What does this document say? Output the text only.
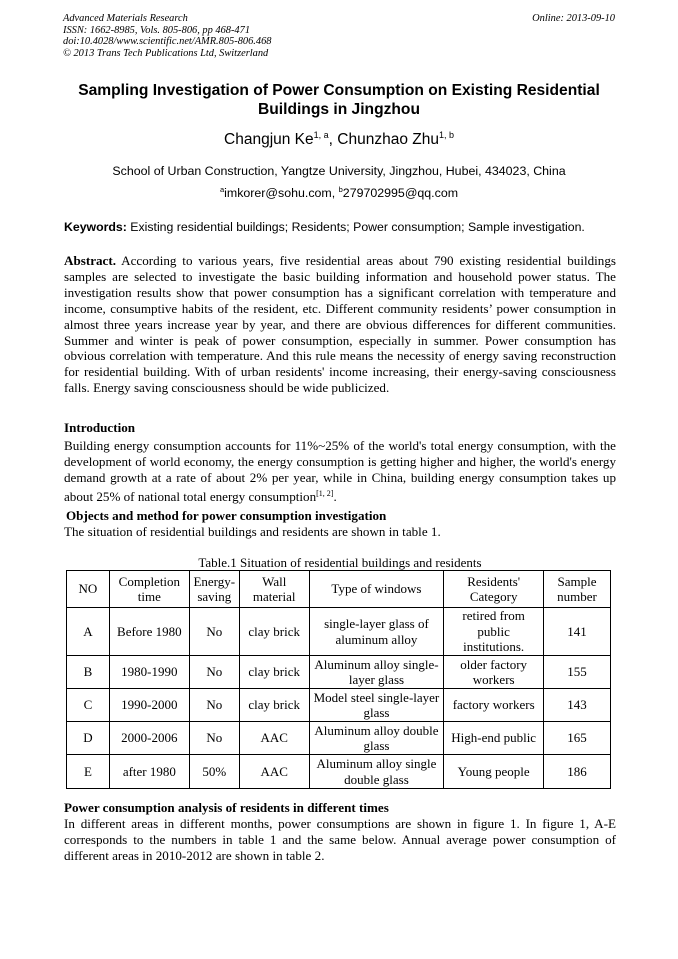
Advanced Materials Research
ISSN: 1662-8985, Vols. 805-806, pp 468-471
doi:10.4028/www.scientific.net/AMR.805-806.468
© 2013 Trans Tech Publications Ltd, Switzerland
Online: 2013-09-10
Sampling Investigation of Power Consumption on Existing Residential Buildings in Jingzhou
Changjun Ke$^{1, a}$, Chunzhao Zhu$^{1, b}$
School of Urban Construction, Yangtze University, Jingzhou, Hubei, 434023, China
$^a$imkorer@sohu.com, $^b$279702995@qq.com
Keywords: Existing residential buildings; Residents; Power consumption; Sample investigation.

Abstract. According to various years, five residential areas about 790 existing residential buildings samples are selected to investigate the basic building information and household power status. The investigation results show that power consumption has a significant correlation with temperature and income, consumptive habits of the resident, etc. Different community residents’ power consumption in almost three years increase year by year, and there are obvious differences for different communities. Summer and winter is peak of power consumption, especially in summer. Power consumption has obvious correlation with temperature. And this rule means the necessity of energy saving reconstruction for residential building. With of urban residents' income increasing, their energy-saving consciousness falls. Energy saving consciousness should be wide publicized.

Introduction

Building energy consumption accounts for 11%~25% of the world's total energy consumption, with the development of world economy, the energy consumption is getting higher and higher, the world's energy demand growth at a rate of about 2% per year, while in China, building energy consumption takes up about 25% of national total energy consumption[1, 2].

Objects and method for power consumption investigation

The situation of residential buildings and residents are shown in table 1.

Table.1 Situation of residential buildings and residents
NO	Completion time	Energy-saving	Wall material	Type of windows	Residents' Category	Sample number
A	Before 1980	No	clay brick	single-layer glass of aluminum alloy	retired from public institutions.	141
B	1980-1990	No	clay brick	Aluminum alloy single-layer glass	older factory workers	155
C	1990-2000	No	clay brick	Model steel single-layer glass	factory workers	143
D	2000-2006	No	AAC	Aluminum alloy double glass	High-end public	165
E	after 1980	50%	AAC	Aluminum alloy single double glass	Young people	186
Power consumption analysis of residents in different times

In different areas in different months, power consumptions are shown in figure 1. In figure 1, A-E corresponds to the numbers in table 1 and the same below. Annual average power consumption of different areas in 2010-2012 are shown in table 2.
